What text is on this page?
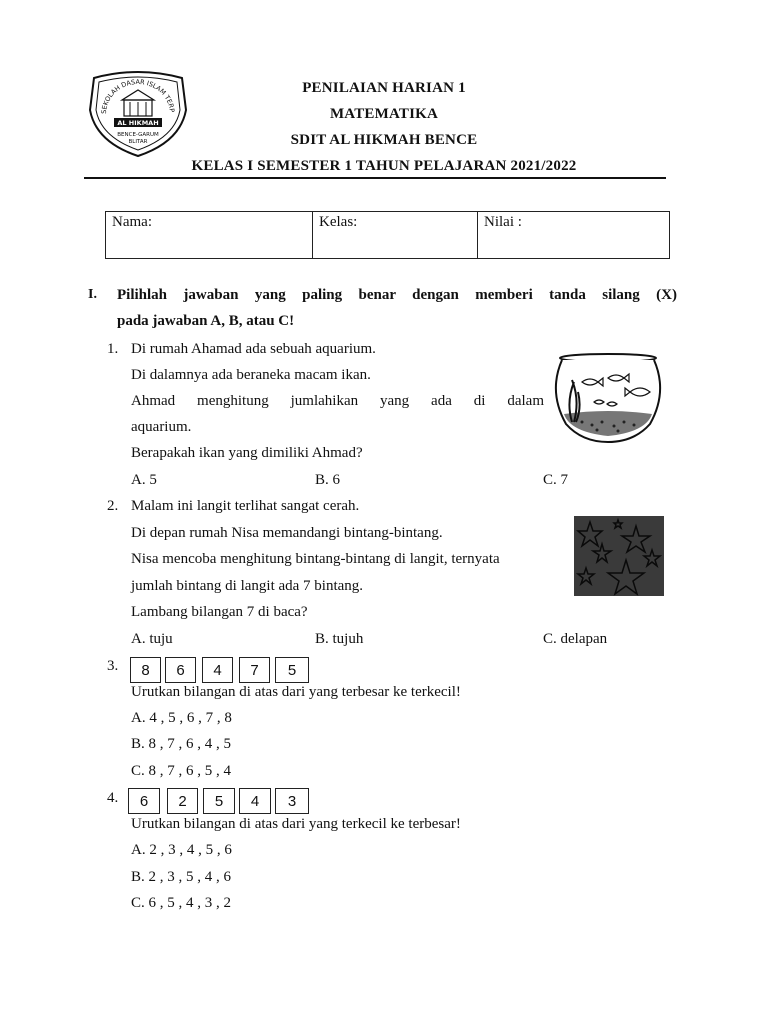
SEKOLAH DASAR ISLAM TERP
AL HIKMAH
BENCE-GARUM
BLITAR
PENILAIAN HARIAN 1
MATEMATIKA
SDIT AL HIKMAH BENCE
KELAS I SEMESTER 1 TAHUN PELAJARAN 2021/2022
Nama:	Kelas:	Nilai :
I. Pilihlah jawaban yang paling benar dengan memberi tanda silang (X)
pada jawaban A, B, atau C!
1. Di rumah Ahamad ada sebuah aquarium.
Di dalamnya ada beraneka macam ikan.
Ahmad menghitung jumlahikan yang ada di dalam
aquarium.
Berapakah ikan yang dimiliki Ahmad?
A. 5	B. 6	C. 7
2. Malam ini langit terlihat sangat cerah.
Di depan rumah Nisa memandangi bintang-bintang.
Nisa mencoba menghitung bintang-bintang di langit, ternyata
jumlah bintang di langit ada 7 bintang.
Lambang bilangan 7 di baca?
A. tuju	B. tujuh	C. delapan
3.	8	6	4	7	5
Urutkan bilangan di atas dari yang terbesar ke terkecil!
A. 4 , 5 , 6 , 7 , 8
B. 8 , 7 , 6 , 4 , 5
C. 8 , 7 , 6 , 5 , 4
4.	6	2	5	4	3
Urutkan bilangan di atas dari yang terkecil ke terbesar!
A. 2 , 3 , 4 , 5 , 6
B. 2 , 3 , 5 , 4 , 6
C. 6 , 5 , 4 , 3 , 2
